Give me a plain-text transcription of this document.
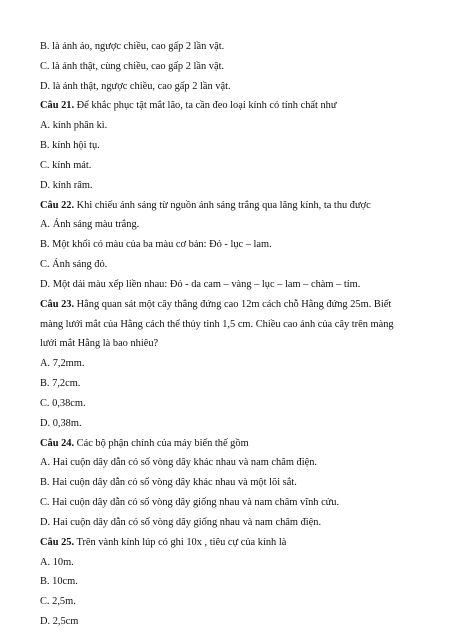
B. là ảnh ảo, ngược chiều, cao gấp 2 lần vật.
C. là ảnh thật, cùng chiều, cao gấp 2 lần vật.
D. là ảnh thật, ngược chiều, cao gấp 2 lần vật.
Câu 21. Để khắc phục tật mắt lão, ta cần đeo loại kính có tính chất như
A. kính phân kì.
B. kính hội tụ.
C. kính mát.
D. kính râm.
Câu 22. Khi chiếu ánh sáng từ nguồn ánh sáng trắng qua lăng kính, ta thu được
A. Ánh sáng màu trắng.
B. Một khối có màu của ba màu cơ bản: Đỏ - lục – lam.
C. Ánh sáng đỏ.
D. Một dải màu xếp liền nhau: Đỏ - da cam – vàng – lục – lam – chàm – tím.
Câu 23. Hằng quan sát một cây thẳng đứng cao 12m cách chỗ Hằng đứng 25m. Biết
màng lưới mắt của Hằng cách thể thủy tinh 1,5 cm. Chiều cao ảnh của cây trên màng
lưới mắt Hằng là bao nhiêu?
A. 7,2mm.
B. 7,2cm.
C. 0,38cm.
D. 0,38m.
Câu 24. Các bộ phận chính của máy biến thế gồm
A. Hai cuộn dây dẫn có số vòng dây khác nhau và nam châm điện.
B. Hai cuộn dây dẫn có số vòng dây khác nhau và một lõi sắt.
C. Hai cuộn dây dẫn có số vòng dây giống nhau và nam châm vĩnh cửu.
D. Hai cuộn dây dẫn có số vòng dây giống nhau và nam châm điện.
Câu 25. Trên vành kính lúp có ghi 10x , tiêu cự của kính là
A. 10m.
B. 10cm.
C. 2,5m.
D. 2,5cm
